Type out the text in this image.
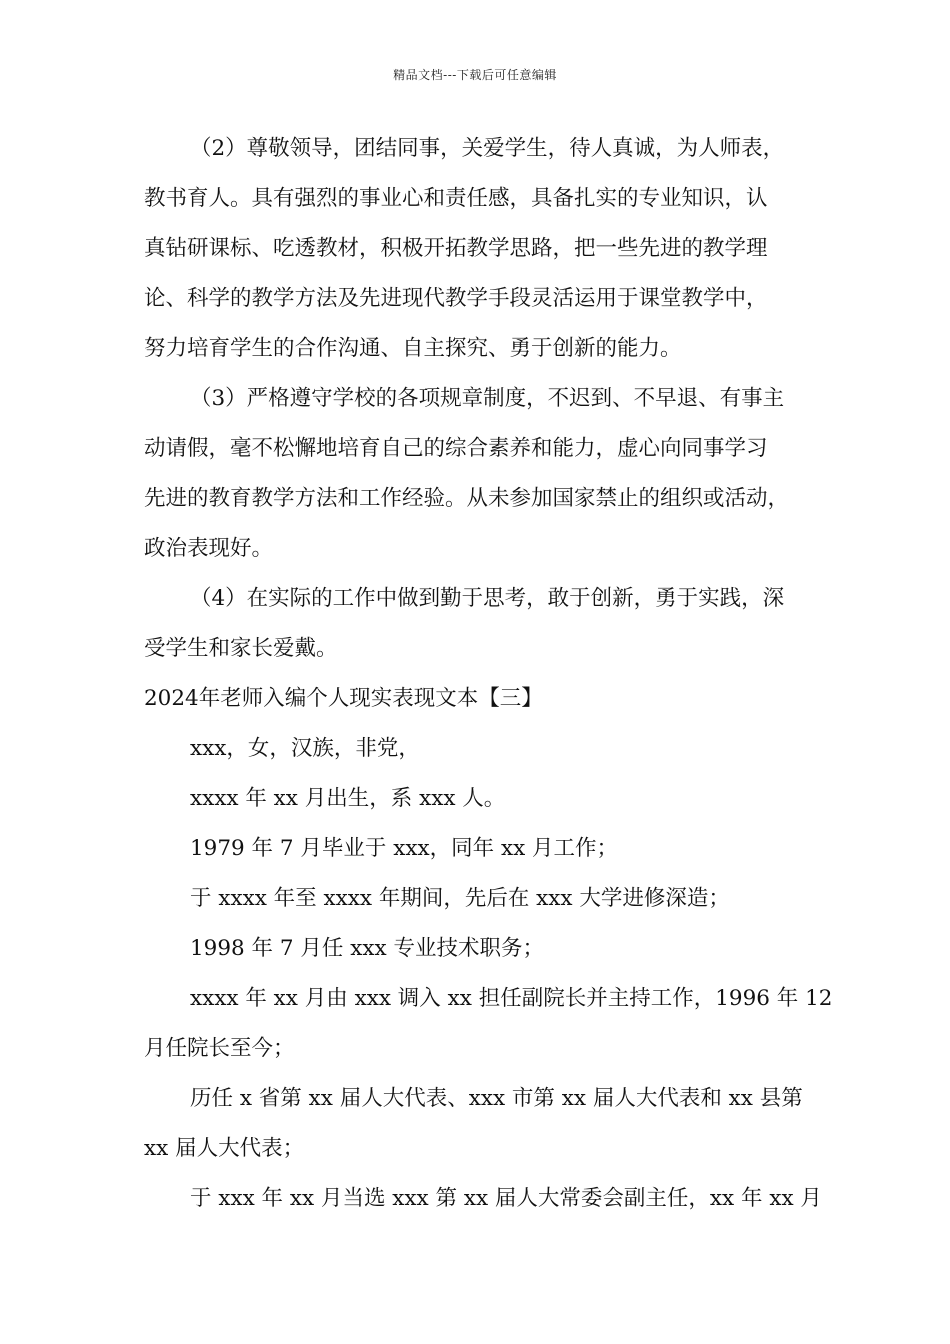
精品文档---下载后可任意编辑
（2）尊敬领导，团结同事，关爱学生，待人真诚，为人师表，
教书育人。具有强烈的事业心和责任感，具备扎实的专业知识，认
真钻研课标、吃透教材，积极开拓教学思路，把一些先进的教学理
论、科学的教学方法及先进现代教学手段灵活运用于课堂教学中，
努力培育学生的合作沟通、自主探究、勇于创新的能力。
（3）严格遵守学校的各项规章制度，不迟到、不早退、有事主
动请假，毫不松懈地培育自己的综合素养和能力，虚心向同事学习
先进的教育教学方法和工作经验。从未参加国家禁止的组织或活动，
政治表现好。
（4）在实际的工作中做到勤于思考，敢于创新，勇于实践，深
受学生和家长爱戴。
2024年老师入编个人现实表现文本【三】
xxx，女，汉族，非党，
xxxx 年 xx 月出生，系 xxx 人。
1979 年 7 月毕业于 xxx，同年 xx 月工作；
于 xxxx 年至 xxxx 年期间，先后在 xxx 大学进修深造；
1998 年 7 月任 xxx 专业技术职务；
xxxx 年 xx 月由 xxx 调入 xx 担任副院长并主持工作，1996 年 12
月任院长至今；
历任 x 省第 xx 届人大代表、xxx 市第 xx 届人大代表和 xx 县第
xx 届人大代表；
于 xxx 年 xx 月当选 xxx 第 xx 届人大常委会副主任，xx 年 xx 月
